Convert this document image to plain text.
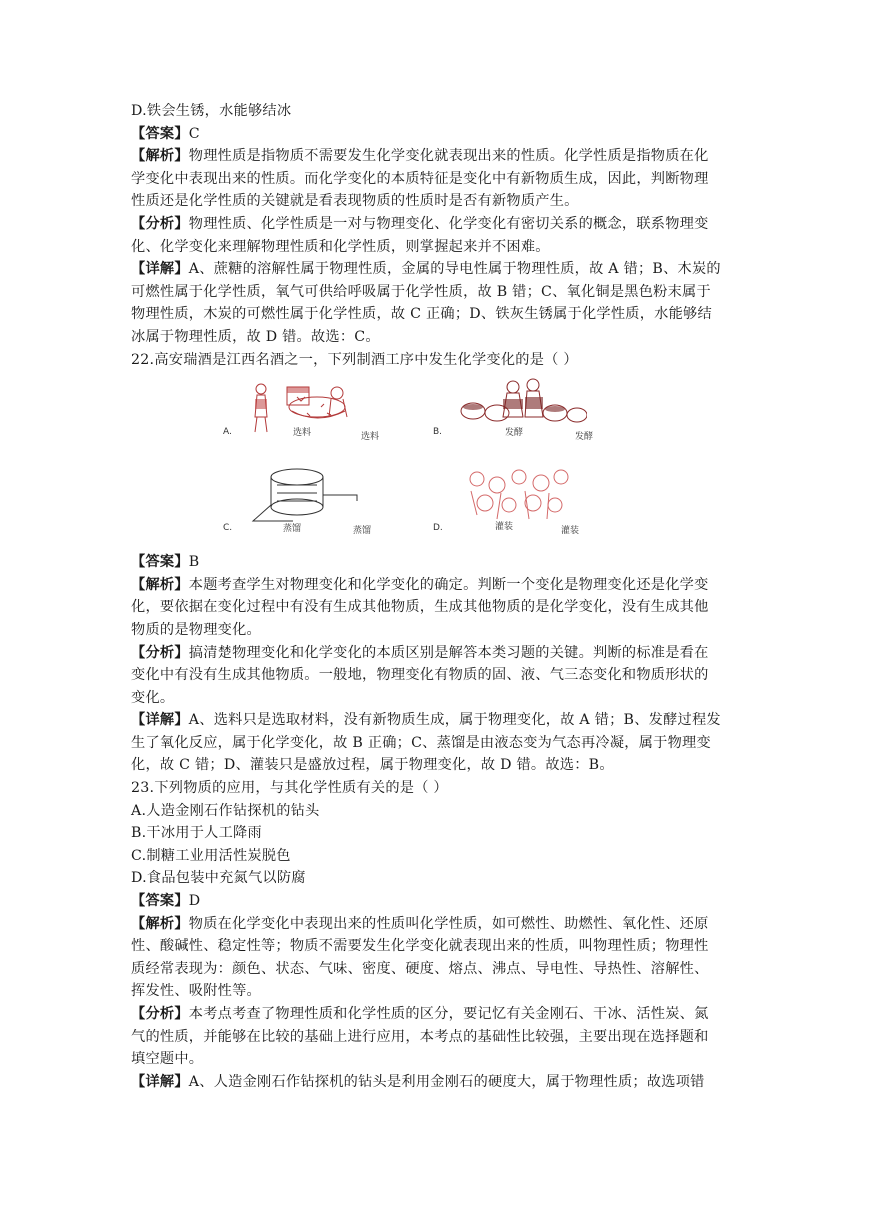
D.铁会生锈，水能够结冰
【答案】C
【解析】物理性质是指物质不需要发生化学变化就表现出来的性质。化学性质是指物质在化
学变化中表现出来的性质。而化学变化的本质特征是变化中有新物质生成，因此，判断物理
性质还是化学性质的关键就是看表现物质的性质时是否有新物质产生。
【分析】物理性质、化学性质是一对与物理变化、化学变化有密切关系的概念，联系物理变
化、化学变化来理解物理性质和化学性质，则掌握起来并不困难。
【详解】A、蔗糖的溶解性属于物理性质，金属的导电性属于物理性质，故 A 错；B、木炭的
可燃性属于化学性质，氧气可供给呼吸属于化学性质，故 B 错；C、氧化铜是黑色粉末属于
物理性质，木炭的可燃性属于化学性质，故 C 正确；D、铁灰生锈属于化学性质，水能够结
冰属于物理性质，故 D 错。故选：C。
22.高安瑞酒是江西名酒之一，下列制酒工序中发生化学变化的是（ ）
A.	选料	选料	B.	发酵	发酵
C.	蒸馏	蒸馏	D.	灌装	灌装
【答案】B
【解析】本题考查学生对物理变化和化学变化的确定。判断一个变化是物理变化还是化学变
化，要依据在变化过程中有没有生成其他物质，生成其他物质的是化学变化，没有生成其他
物质的是物理变化。
【分析】搞清楚物理变化和化学变化的本质区别是解答本类习题的关键。判断的标准是看在
变化中有没有生成其他物质。一般地，物理变化有物质的固、液、气三态变化和物质形状的
变化。
【详解】A、选料只是选取材料，没有新物质生成，属于物理变化，故 A 错；B、发酵过程发
生了氧化反应，属于化学变化，故 B 正确；C、蒸馏是由液态变为气态再冷凝，属于物理变
化，故 C 错；D、灌装只是盛放过程，属于物理变化，故 D 错。故选：B。
23.下列物质的应用，与其化学性质有关的是（ ）
A.人造金刚石作钻探机的钻头
B.干冰用于人工降雨
C.制糖工业用活性炭脱色
D.食品包装中充氮气以防腐
【答案】D
【解析】物质在化学变化中表现出来的性质叫化学性质，如可燃性、助燃性、氧化性、还原
性、酸碱性、稳定性等；物质不需要发生化学变化就表现出来的性质，叫物理性质；物理性
质经常表现为：颜色、状态、气味、密度、硬度、熔点、沸点、导电性、导热性、溶解性、
挥发性、吸附性等。
【分析】本考点考查了物理性质和化学性质的区分，要记忆有关金刚石、干冰、活性炭、氮
气的性质，并能够在比较的基础上进行应用，本考点的基础性比较强，主要出现在选择题和
填空题中。
【详解】A、人造金刚石作钻探机的钻头是利用金刚石的硬度大，属于物理性质；故选项错
